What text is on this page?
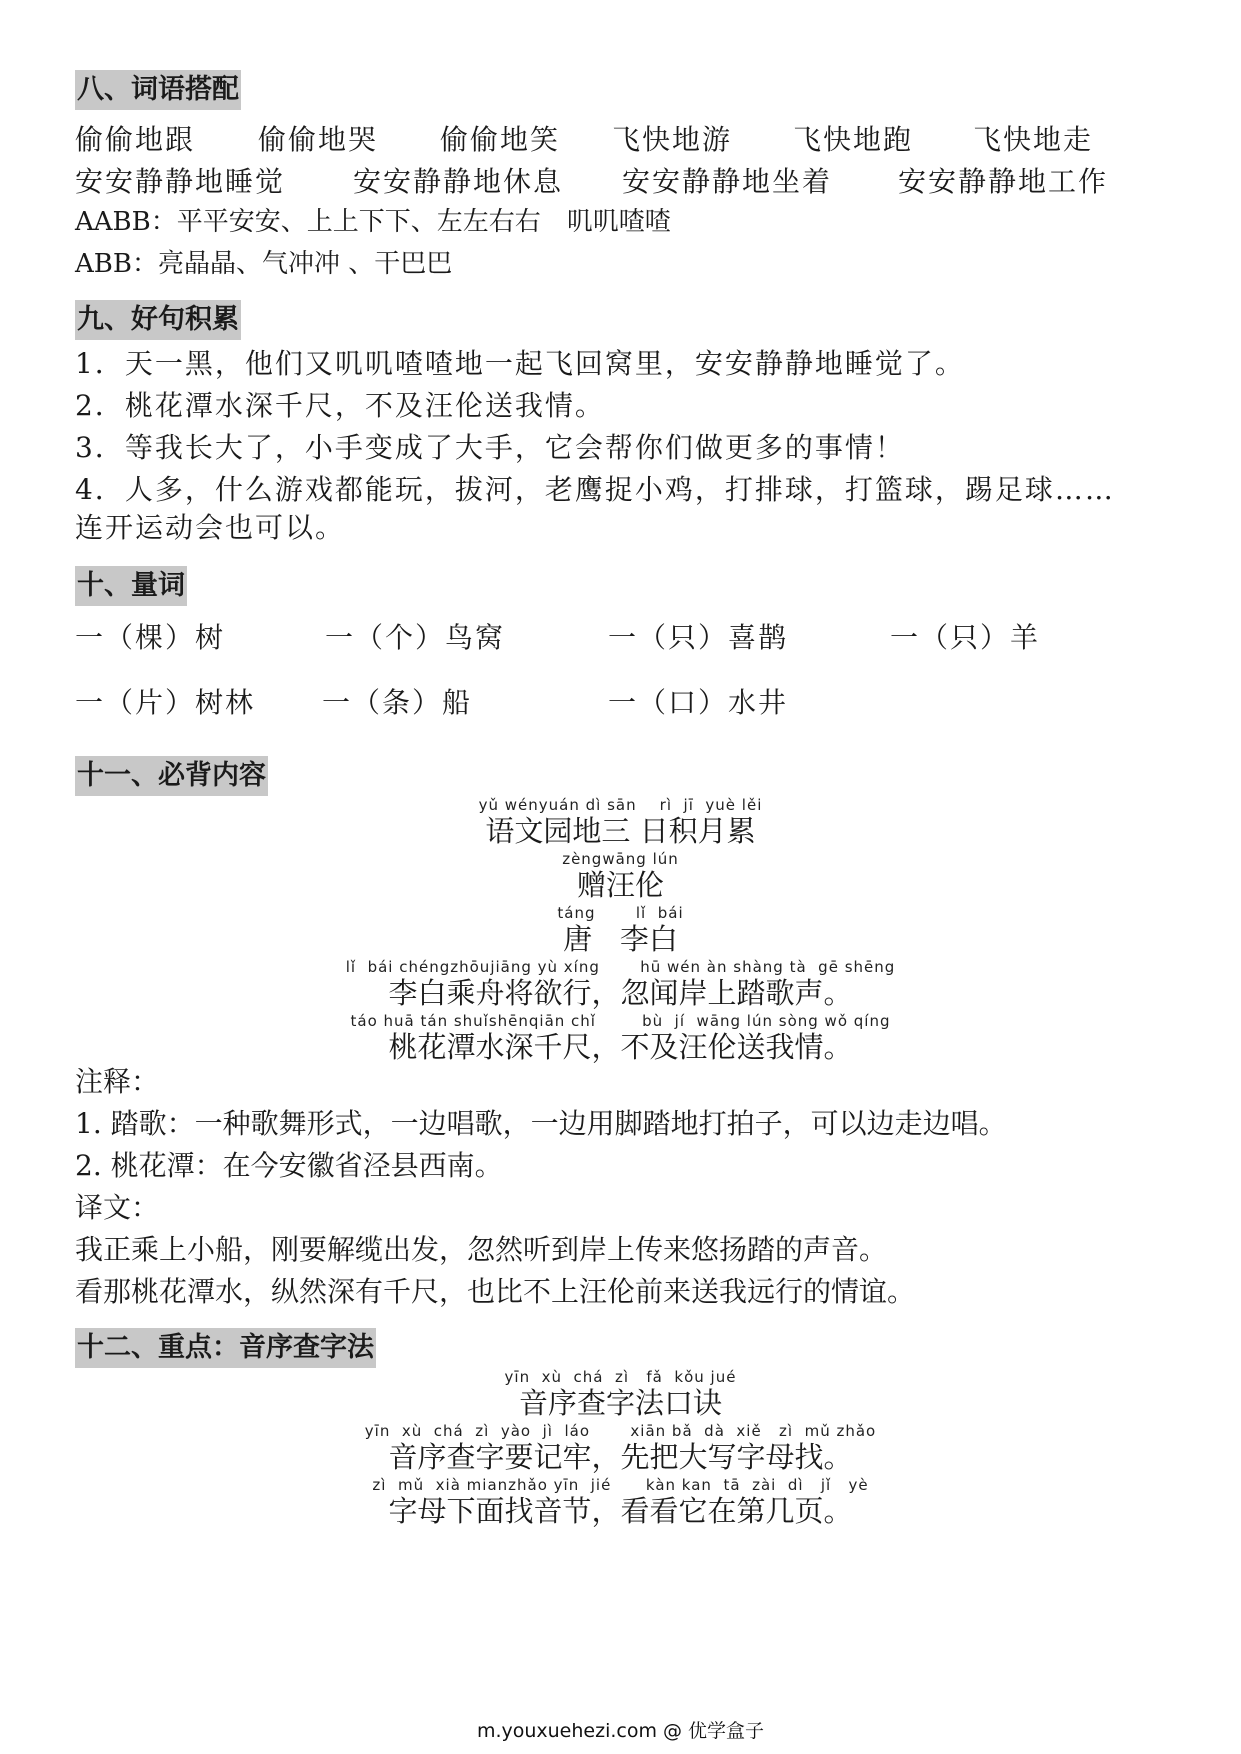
八、词语搭配
偷偷地跟 偷偷地哭 偷偷地笑 飞快地游 飞快地跑 飞快地走
安安静静地睡觉 安安静静地休息 安安静静地坐着 安安静静地工作
AABB：平平安安、上上下下、左左右右　叽叽喳喳
ABB：亮晶晶、气冲冲 、干巴巴
九、好句积累
1．天一黑，他们又叽叽喳喳地一起飞回窝里，安安静静地睡觉了。
2．桃花潭水深千尺，不及汪伦送我情。
3．等我长大了，小手变成了大手，它会帮你们做更多的事情！
4．人多，什么游戏都能玩，拔河，老鹰捉小鸡，打排球，打篮球，踢足球……
连开运动会也可以。
十、量词
一（棵）树	一（个）鸟窝	一（只）喜鹊	一（只）羊
一（片）树林 一（条）船	一（口）水井
十一、必背内容
yǔ wényuán dì sān    rì  jī  yuè lěi
语文园地三 日积月累
zèngwāng lún
赠汪伦
táng       lǐ  bái
唐   李白
lǐ  bái chéngzhōujiāng yù xíng       hū wén àn shàng tà  gē shēng
李白乘舟将欲行，忽闻岸上踏歌声。
táo huā tán shuǐshēnqiān chǐ        bù  jí  wāng lún sòng wǒ qíng
桃花潭水深千尺，不及汪伦送我情。
注释：
1. 踏歌：一种歌舞形式，一边唱歌，一边用脚踏地打拍子，可以边走边唱。
2. 桃花潭：在今安徽省泾县西南。
译文：
我正乘上小船，刚要解缆出发，忽然听到岸上传来悠扬踏的声音。
看那桃花潭水，纵然深有千尺，也比不上汪伦前来送我远行的情谊。
十二、重点：音序查字法
yīn  xù  chá  zì   fǎ  kǒu jué
音序查字法口诀
yīn  xù  chá  zì  yào  jì  láo       xiān bǎ  dà  xiě   zì  mǔ zhǎo
音序查字要记牢，先把大写字母找。
zì  mǔ  xià mianzhǎo yīn  jié      kàn kan  tā  zài  dì   jǐ   yè
字母下面找音节，看看它在第几页。
m.youxuehezi.com @ 优学盒子
